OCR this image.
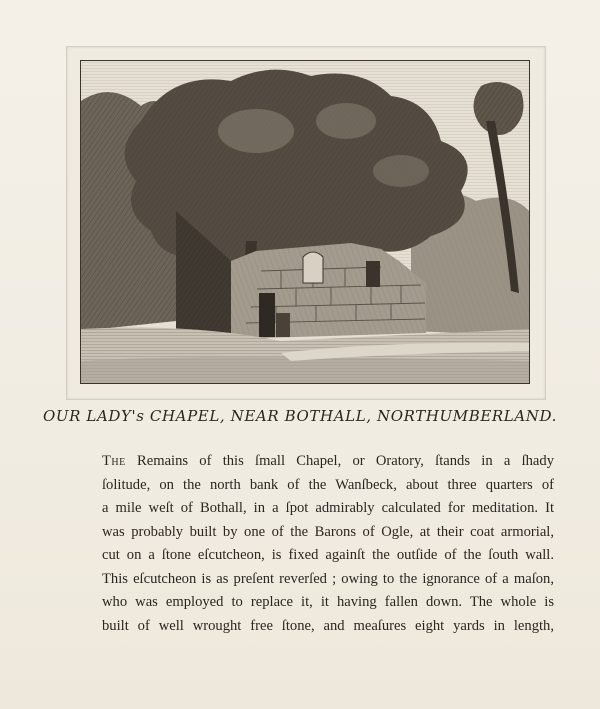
OUR LADY's CHAPEL, NEAR BOTHALL, NORTHUMBERLAND.
The Remains of this ſmall Chapel, or Oratory, ſtands in a ſhady
ſolitude, on the north bank of the Wanſbeck, about three quarters of
a mile weſt of Bothall, in a ſpot admirably calculated for meditation. It
was probably built by one of the Barons of Ogle, at their coat armorial,
cut on a ſtone eſcutcheon, is fixed againſt the outſide of the ſouth wall.
This eſcutcheon is as preſent reverſed ; owing to the ignorance of a maſon,
who was employed to replace it, it having fallen down. The whole is
built of well wrought free ſtone, and meaſures eight yards in length,
